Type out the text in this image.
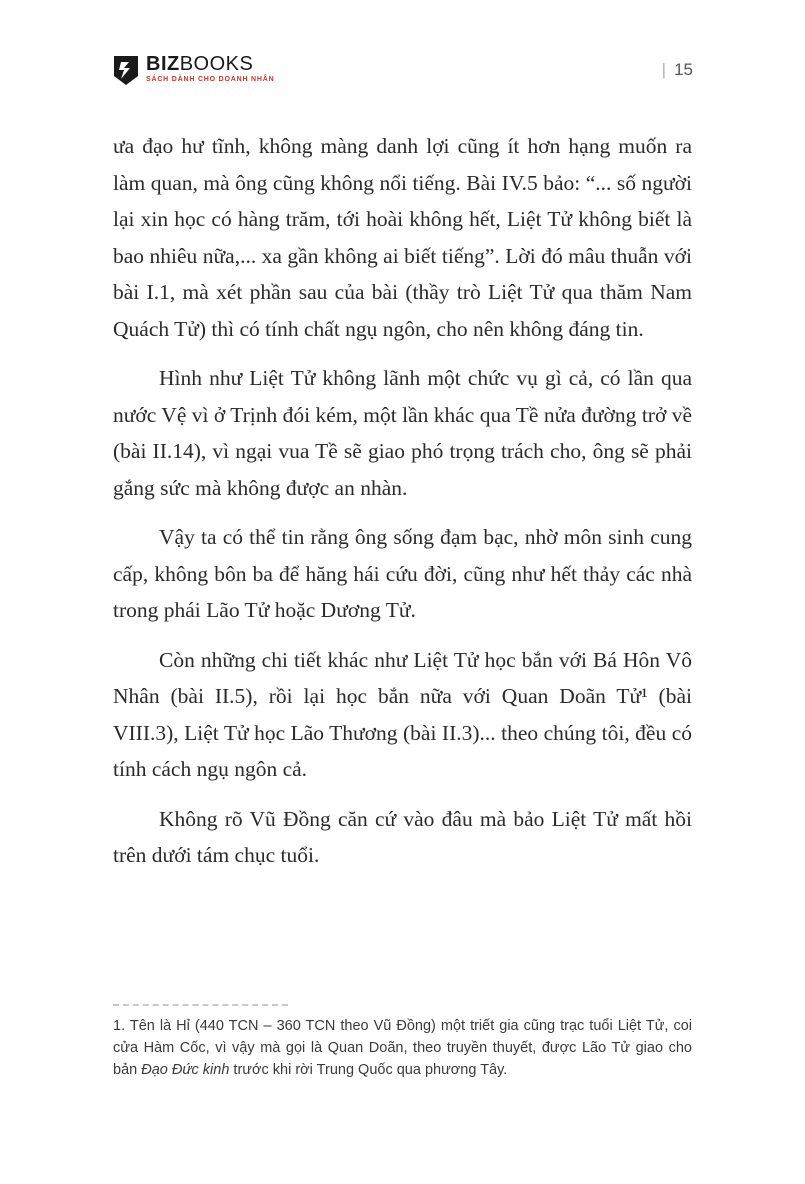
BIZ BOOKS
SÁCH DÀNH CHO DOANH NHÂN
| 15

ưa đạo hư tĩnh, không màng danh lợi cũng ít hơn hạng muốn ra làm quan, mà ông cũng không nổi tiếng. Bài IV.5 bảo: “... số người lại xin học có hàng trăm, tới hoài không hết, Liệt Tử không biết là bao nhiêu nữa,... xa gần không ai biết tiếng”. Lời đó mâu thuẫn với bài I.1, mà xét phần sau của bài (thầy trò Liệt Tử qua thăm Nam Quách Tử) thì có tính chất ngụ ngôn, cho nên không đáng tin.

Hình như Liệt Tử không lãnh một chức vụ gì cả, có lần qua nước Vệ vì ở Trịnh đói kém, một lần khác qua Tề nửa đường trở về (bài II.14), vì ngại vua Tề sẽ giao phó trọng trách cho, ông sẽ phải gắng sức mà không được an nhàn.

Vậy ta có thể tin rằng ông sống đạm bạc, nhờ môn sinh cung cấp, không bôn ba để hăng hái cứu đời, cũng như hết thảy các nhà trong phái Lão Tử hoặc Dương Tử.

Còn những chi tiết khác như Liệt Tử học bắn với Bá Hôn Vô Nhân (bài II.5), rồi lại học bắn nữa với Quan Doãn Tử¹ (bài VIII.3), Liệt Tử học Lão Thương (bài II.3)... theo chúng tôi, đều có tính cách ngụ ngôn cả.

Không rõ Vũ Đồng căn cứ vào đâu mà bảo Liệt Tử mất hồi trên dưới tám chục tuổi.

1. Tên là Hỉ (440 TCN – 360 TCN theo Vũ Đồng) một triết gia cũng trạc tuổi Liệt Tử, coi cửa Hàm Cốc, vì vậy mà gọi là Quan Doãn, theo truyền thuyết, được Lão Tử giao cho bản Đạo Đức kinh trước khi rời Trung Quốc qua phương Tây.
